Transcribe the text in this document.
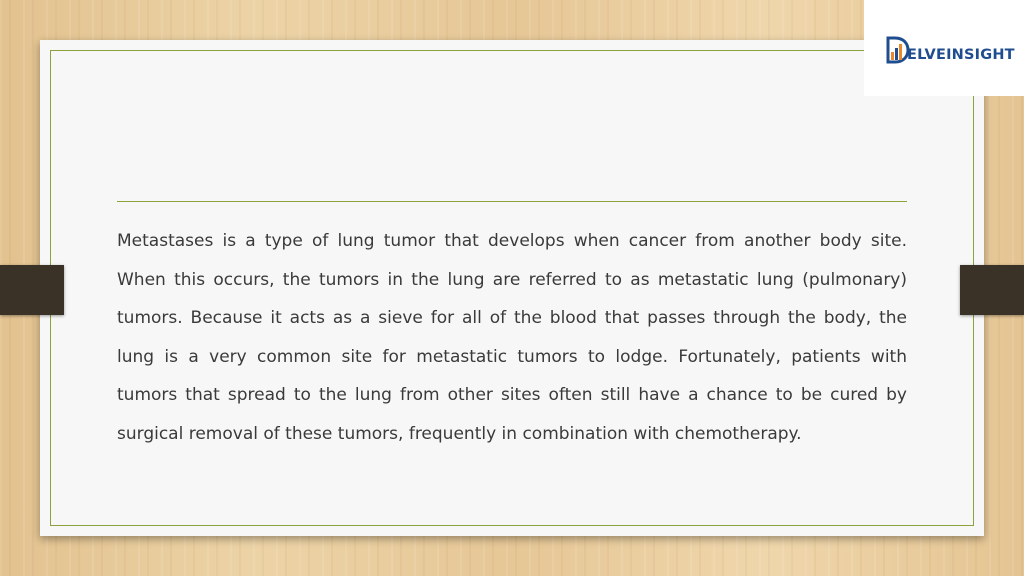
Metastases is a type of lung tumor that develops when cancer from another body site. When this occurs, the tumors in the lung are referred to as metastatic lung (pulmonary) tumors. Because it acts as a sieve for all of the blood that passes through the body, the lung is a very common site for metastatic tumors to lodge. Fortunately, patients with tumors that spread to the lung from other sites often still have a chance to be cured by surgical removal of these tumors, frequently in combination with chemotherapy.

ELVEINSIGHT
